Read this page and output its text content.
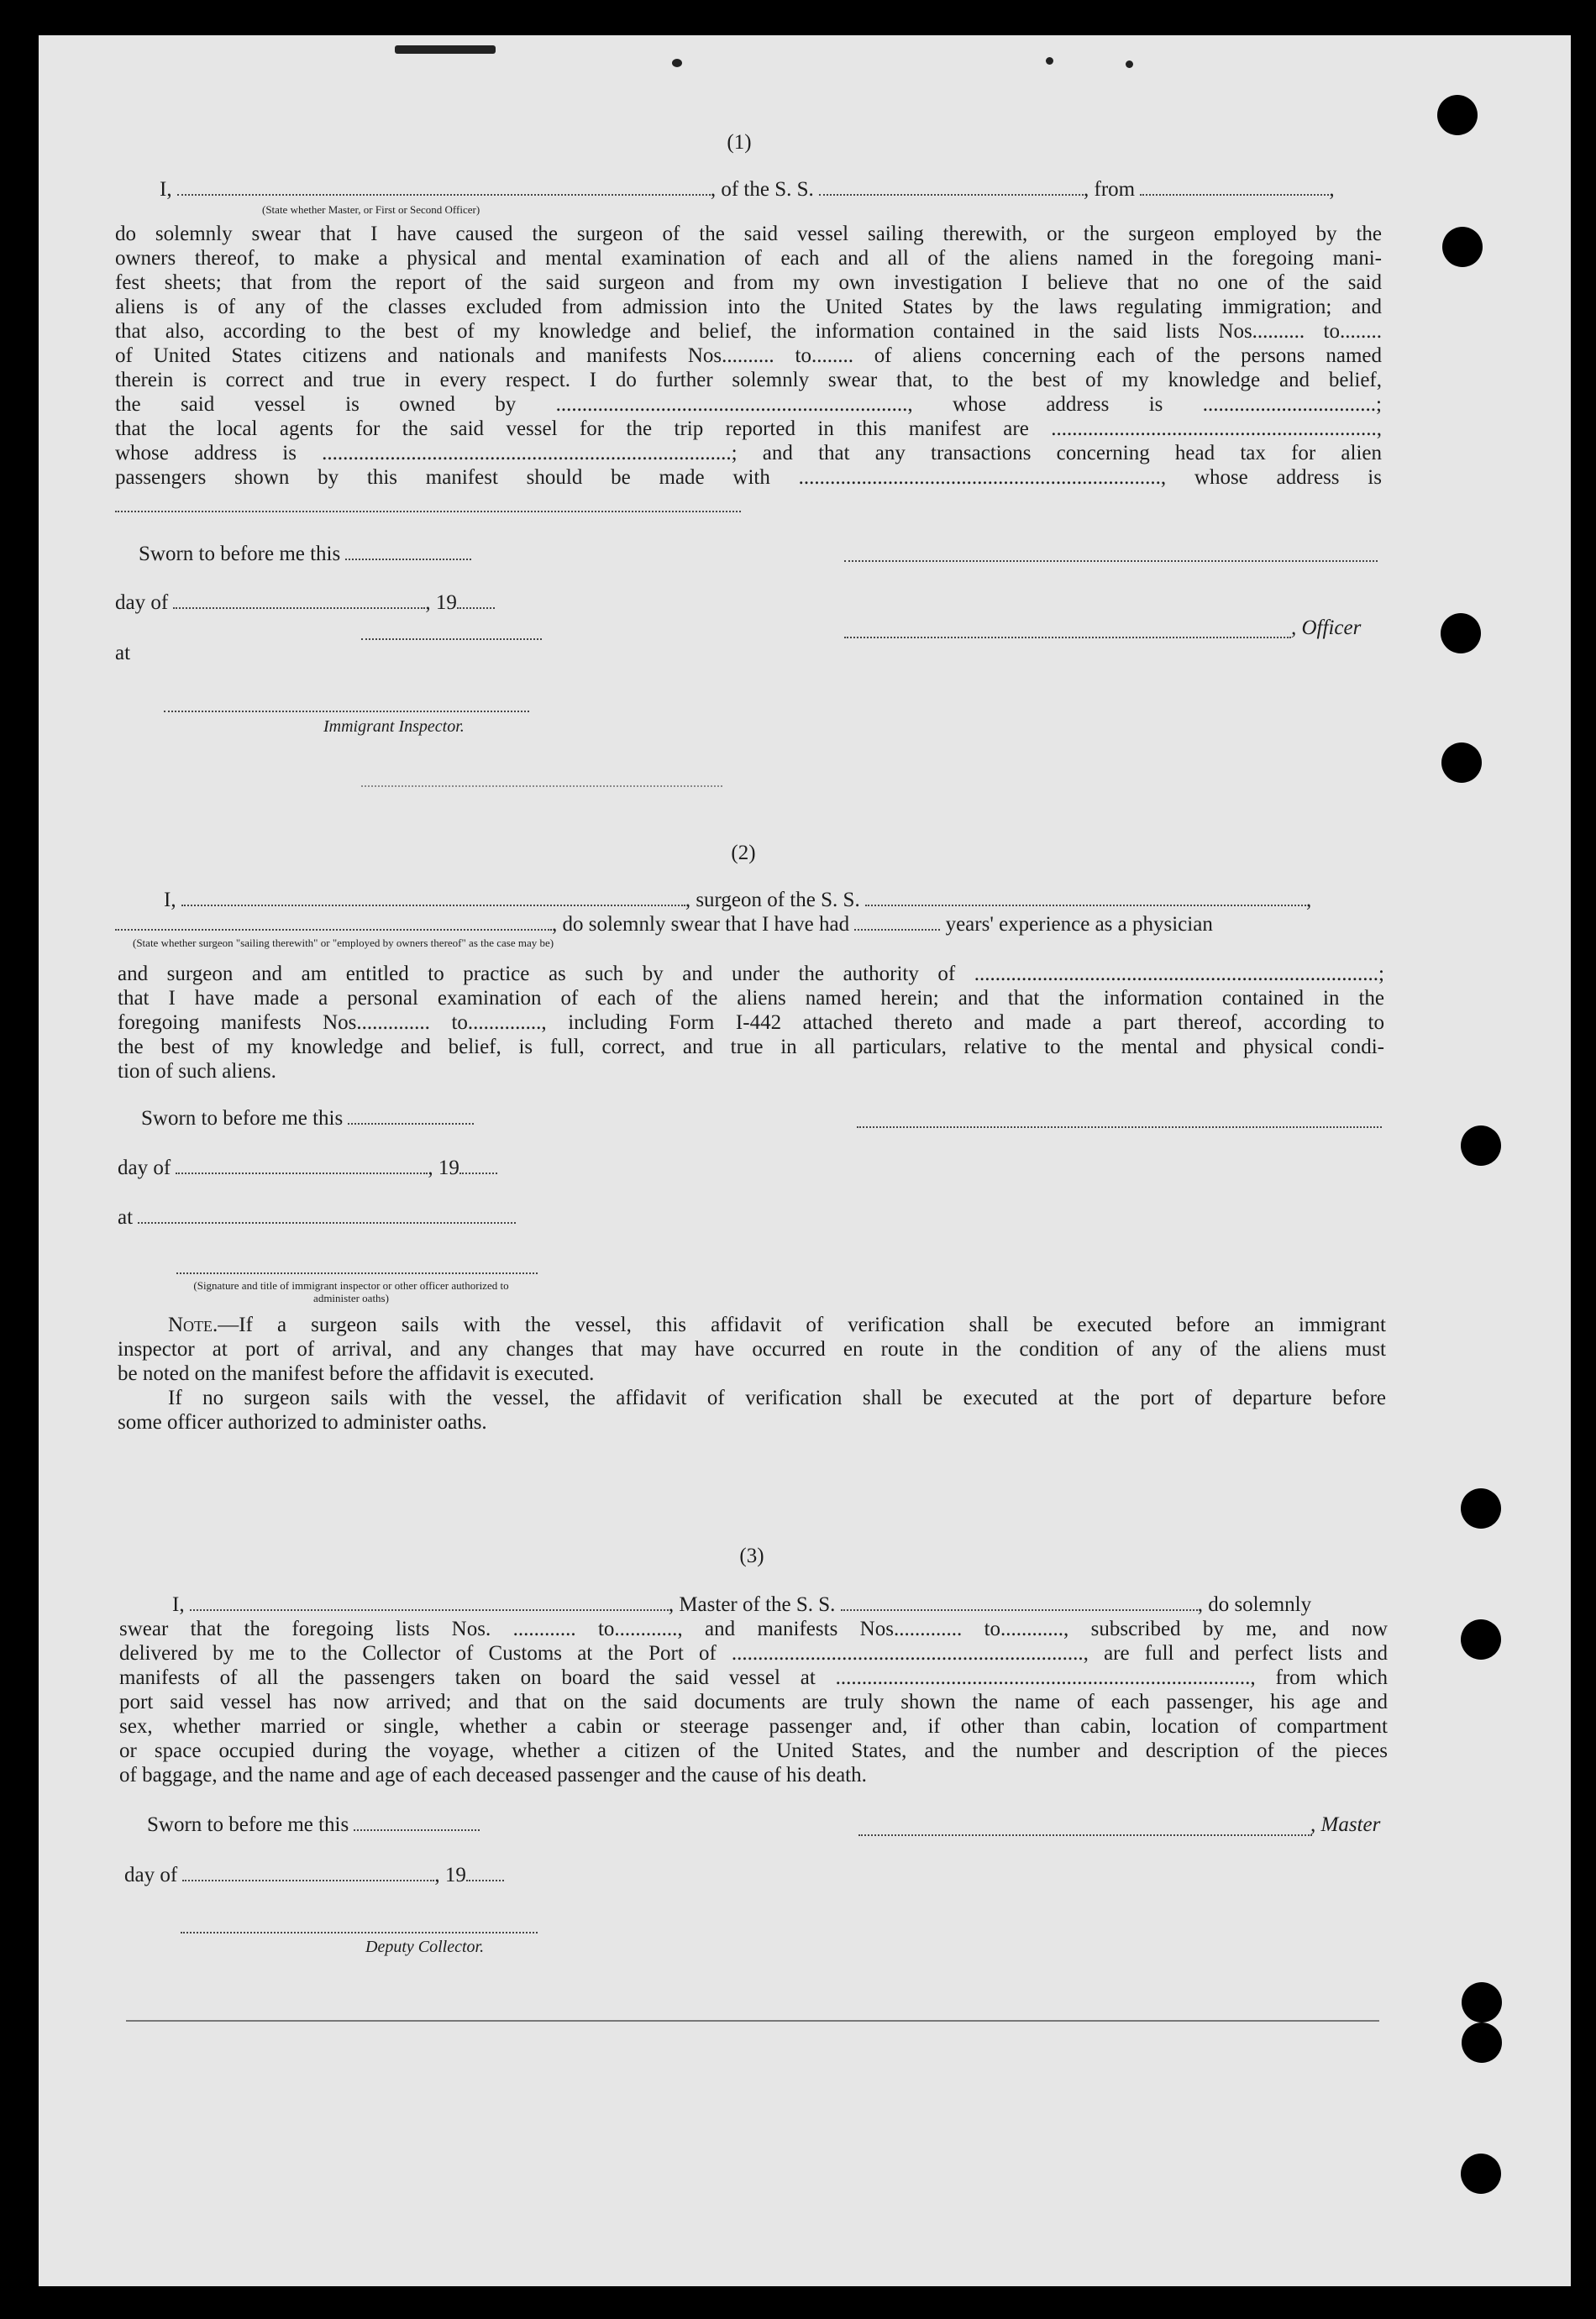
(1)
I,	, of the S. S.	, from	,
(State whether Master, or First or Second Officer)
do solemnly swear that I have caused the surgeon of the said vessel sailing therewith, or the surgeon employed by the
owners thereof, to make a physical and mental examination of each and all of the aliens named in the foregoing mani-
fest sheets; that from the report of the said surgeon and from my own investigation I believe that no one of the said
aliens is of any of the classes excluded from admission into the United States by the laws regulating immigration; and
that also, according to the best of my knowledge and belief, the information contained in the said lists Nos.......... to........
of United States citizens and nationals and manifests Nos.......... to........ of aliens concerning each of the persons named
therein is correct and true in every respect. I do further solemnly swear that, to the best of my knowledge and belief,
the said vessel is owned by ..................................................................., whose address is .................................;
that the local agents for the said vessel for the trip reported in this manifest are ..............................................................,
whose address is ..............................................................................; and that any transactions concerning head tax for alien
passengers shown by this manifest should be made with ....................................................................., whose address is
Sworn to before me this
day of	, 19
at
, Officer
Immigrant Inspector.
(2)
I,	, surgeon of the S. S.	,
, do solemnly swear that I have had	years' experience as a physician
(State whether surgeon "sailing therewith" or "employed by owners thereof" as the case may be)
and surgeon and am entitled to practice as such by and under the authority of .............................................................................;
that I have made a personal examination of each of the aliens named herein; and that the information contained in the
foregoing manifests Nos.............. to.............., including Form I-442 attached thereto and made a part thereof, according to
the best of my knowledge and belief, is full, correct, and true in all particulars, relative to the mental and physical condi-
tion of such aliens.
Sworn to before me this
day of	, 19
at
(Signature and title of immigrant inspector or other officer authorized to administer oaths)
Note.—If a surgeon sails with the vessel, this affidavit of verification shall be executed before an immigrant
inspector at port of arrival, and any changes that may have occurred en route in the condition of any of the aliens must
be noted on the manifest before the affidavit is executed.
If no surgeon sails with the vessel, the affidavit of verification shall be executed at the port of departure before
some officer authorized to administer oaths.
(3)
I,	, Master of the S. S.	, do solemnly
swear that the foregoing lists Nos. ............ to............, and manifests Nos............. to............, subscribed by me, and now
delivered by me to the Collector of Customs at the Port of ..................................................................., are full and perfect lists and
manifests of all the passengers taken on board the said vessel at ..............................................................................., from which
port said vessel has now arrived; and that on the said documents are truly shown the name of each passenger, his age and
sex, whether married or single, whether a cabin or steerage passenger and, if other than cabin, location of compartment
or space occupied during the voyage, whether a citizen of the United States, and the number and description of the pieces
of baggage, and the name and age of each deceased passenger and the cause of his death.
Sworn to before me this	, Master
day of	, 19
Deputy Collector.
